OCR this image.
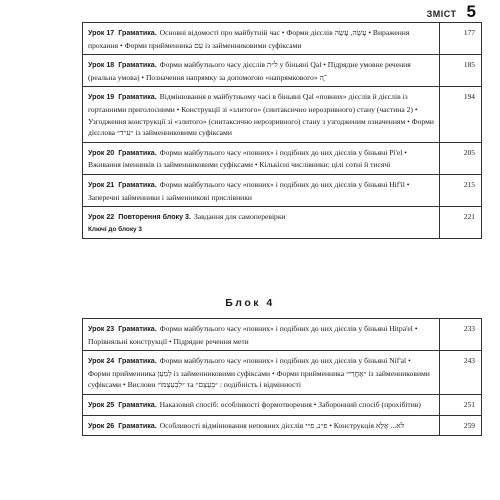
ЗМІСТ 5
Урок 17 Граматика. Основні відомості про майбутній час • Форми дієслів עָשָׂה, עָשָׂה • Вираження прохання • Форми прийменника עִם із займенниковими суфіксами	177
Урок 18 Граматика. Форми майбутнього часу дієслів ל״ה у біньяні Qal • Підрядне умовне речення (реальна умова) • Позначення напрямку за допомогою «напрямкового» ־ָה	185
Урок 19 Граматика. Відмінювання в майбутньому часі в біньяні Qal «повних» дієслів й дієслів із гортанними приголосними • Конструкції зі «злитого» (синтаксично нерозривного) стану (частина 2) • Узгодження конструкції зі «злитого» (синтаксично нерозривного) стану з узгодженим означенням • Форми дієслова ״ע״ד״ із займенниковими суфіксами	194
Урок 20 Граматика. Форми майбутнього часу «повних» і подібних до них дієслів у біньяні Pi'el • Вживання іменників із займенниковими суфіксами • Кількісні числівники: цілі сотні й тисячі	205
Урок 21 Граматика. Форми майбутнього часу «повних» і подібних до них дієслів у біньяні Hif'il • Заперечні займенники і займенникові прислівники	215
Урок 22 Повторення блоку 3. Завдання для самоперевірки
Ключі до блоку 3	221
Блок 4
Урок 23 Граматика. Форми майбутнього часу «повних» і подібних до них дієслів у біньяні Hitpa'el • Порівняльні конструкції • Підрядне речення мети	233
Урок 24 Граматика. Форми майбутнього часу «повних» і подібних до них дієслів у біньяні Nif'al • Форми прийменника לְמַעַן із займенниковими суфіксами • Форми прийменника ״אַחֲרֵי״ із займенниковими суфіксами • Вислови ״לִבְעֵצְמוֹ״ та ״בְּעֶצֶם״ : подібність і відмінності	243
Урок 25 Граматика. Наказовий спосіб: особливості формотворення • Заборонний спосіб (прохібітив)	251
Урок 26 Граматика. Особливості відмінювання неповних дієслів פ״נ, פ״י • Конструкція לֹא... אֶלָּא	259
